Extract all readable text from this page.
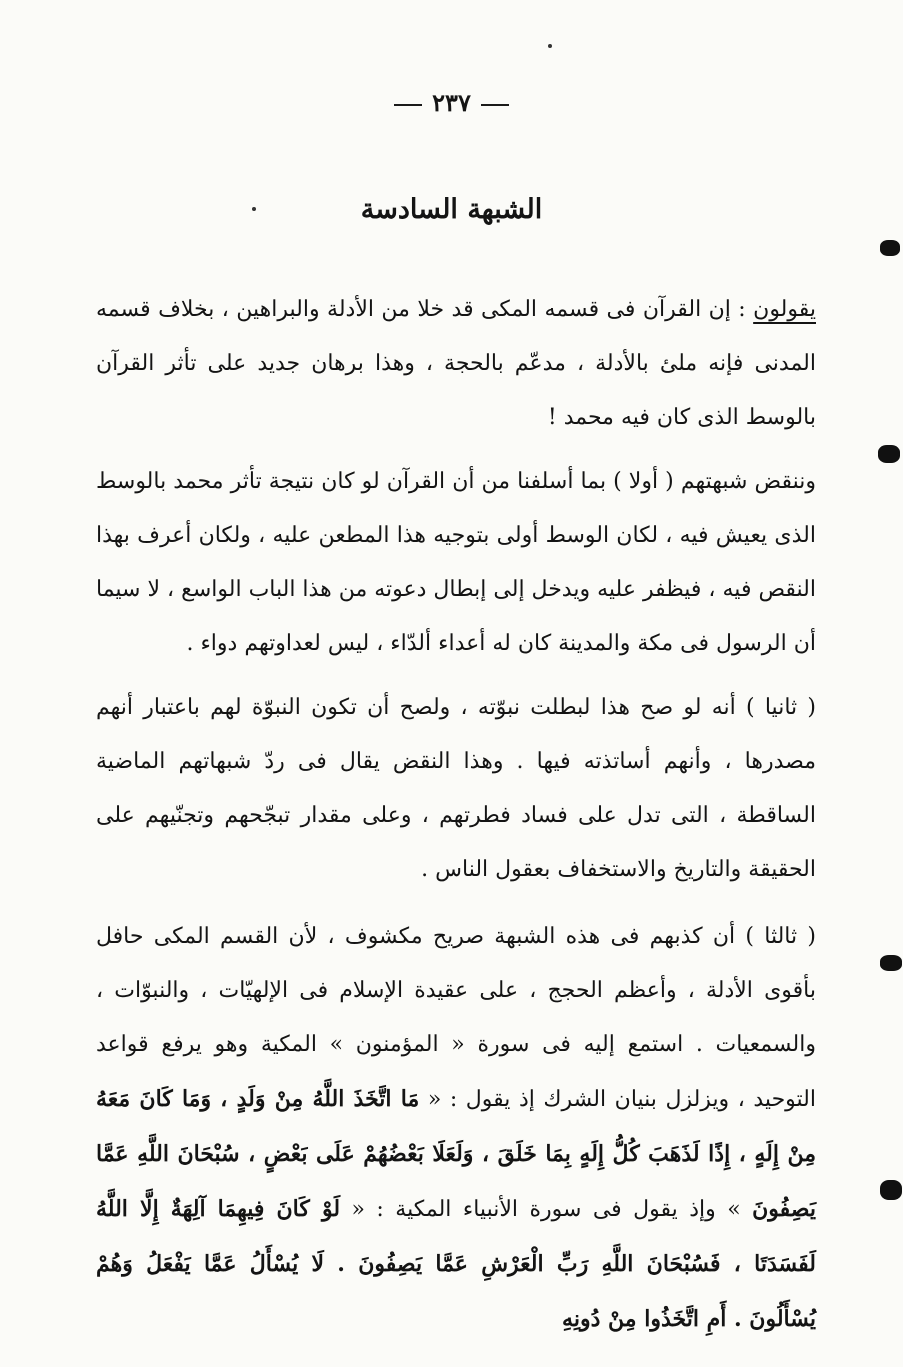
٢٣٧
الشبهة السادسة
يقولون : إن القرآن فى قسمه المكى قد خلا من الأدلة والبراهين ، بخلاف قسمه المدنى فإنه ملئ بالأدلة ، مدعّم بالحجة ، وهذا برهان جديد على تأثر القرآن بالوسط الذى كان فيه محمد !
وننقض شبهتهم ( أولا ) بما أسلفنا من أن القرآن لو كان نتيجة تأثر محمد بالوسط الذى يعيش فيه ، لكان الوسط أولى بتوجيه هذا المطعن عليه ، ولكان أعرف بهذا النقص فيه ، فيظفر عليه ويدخل إلى إبطال دعوته من هذا الباب الواسع ، لا سيما أن الرسول فى مكة والمدينة كان له أعداء ألدّاء ، ليس لعداوتهم دواء .
( ثانيا ) أنه لو صح هذا لبطلت نبوّته ، ولصح أن تكون النبوّة لهم باعتبار أنهم مصدرها ، وأنهم أساتذته فيها . وهذا النقض يقال فى ردّ شبهاتهم الماضية الساقطة ، التى تدل على فساد فطرتهم ، وعلى مقدار تبجّحهم وتجنّيهم على الحقيقة والتاريخ والاستخفاف بعقول الناس .
( ثالثا ) أن كذبهم فى هذه الشبهة صريح مكشوف ، لأن القسم المكى حافل بأقوى الأدلة ، وأعظم الحجج ، على عقيدة الإسلام فى الإلهيّات ، والنبوّات ، والسمعيات . استمع إليه فى سورة « المؤمنون » المكية وهو يرفع قواعد التوحيد ، ويزلزل بنيان الشرك إذ يقول : « مَا اتَّخَذَ اللَّهُ مِنْ وَلَدٍ ، وَمَا كَانَ مَعَهُ مِنْ إِلَهٍ ، إِذًا لَذَهَبَ كُلُّ إِلَهٍ بِمَا خَلَقَ ، وَلَعَلَا بَعْضُهُمْ عَلَى بَعْضٍ ، سُبْحَانَ اللَّهِ عَمَّا يَصِفُونَ » وإذ يقول فى سورة الأنبياء المكية : « لَوْ كَانَ فِيهِمَا آلِهَةٌ إِلَّا اللَّهُ لَفَسَدَتَا ، فَسُبْحَانَ اللَّهِ رَبِّ الْعَرْشِ عَمَّا يَصِفُونَ . لَا يُسْأَلُ عَمَّا يَفْعَلُ وَهُمْ يُسْأَلُونَ . أَمِ اتَّخَذُوا مِنْ دُونِهِ
